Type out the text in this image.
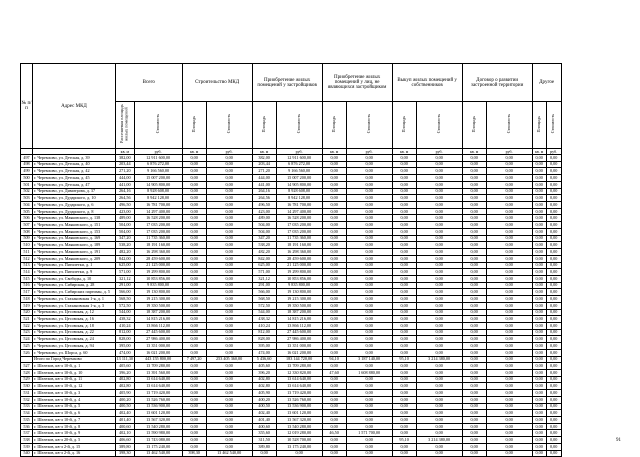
№ п/п	Адрес МКД	Всего		Строительство МКД		Приобретение жилых помещений у застройщиков		Приобретение жилых помещений у лиц, не являющихся застройщиком		Выкуп жилых помещений у собственников		Договор о развитии застроенной территории		Другое	
		Расселяемая площадь жилых помещений	Стоимость	Площадь	Стоимость	Площадь	Стоимость	Площадь	Стоимость	Площадь	Стоимость	Площадь	Стоимость	Площадь	Стоимость
		кв. м	руб.	кв. м	руб.	кв. м	руб.	кв. м	руб.	кв. м	руб.	кв. м	руб.	кв. м	руб.
497	г. Черемхово, ул. Детская, д. 39	382,00	12 911 600,00	0,00	0,00	382,00	12 911 600,00	0,00	0,00	0,00	0,00	0,00	0,00	0,00	0,00
498	г. Черемхово, ул. Детская, д. 40	203,44	6 876 272,00	0,00	0,00	203,44	6 876 272,00	0,00	0,00	0,00	0,00	0,00	0,00	0,00	0,00
499	г. Черемхово, ул. Детская, д. 42	271,20	9 166 560,00	0,00	0,00	271,20	9 166 560,00	0,00	0,00	0,00	0,00	0,00	0,00	0,00	0,00
500	г. Черемхово, ул. Детская, д. 45	444,00	15 007 200,00	0,00	0,00	444,00	15 007 200,00	0,00	0,00	0,00	0,00	0,00	0,00	0,00	0,00
501	г. Черемхово, ул. Детская, д. 47	441,00	14 905 800,00	0,00	0,00	441,00	14 905 800,00	0,00	0,00	0,00	0,00	0,00	0,00	0,00	0,00
502	г. Черемхово, ул. Димитрова, д. 37	264,16	8 928 608,00	0,00	0,00	264,16	8 928 608,00	0,00	0,00	0,00	0,00	0,00	0,00	0,00	0,00
503	г. Черемхово, ул. Дударского, д. 10	264,56	8 942 128,00	0,00	0,00	264,56	8 942 128,00	0,00	0,00	0,00	0,00	0,00	0,00	0,00	0,00
504	г. Черемхово, ул. Дударского, д. 6	496,50	16 781 700,00	0,00	0,00	496,50	16 781 700,00	0,00	0,00	0,00	0,00	0,00	0,00	0,00	0,00
505	г. Черемхово, ул. Дударского, д. 8	423,00	14 297 400,00	0,00	0,00	423,00	14 297 400,00	0,00	0,00	0,00	0,00	0,00	0,00	0,00	0,00
506	г. Черемхово, ул. Маяковского, д. 138	489,00	16 528 200,00	0,00	0,00	489,00	16 528 200,00	0,00	0,00	0,00	0,00	0,00	0,00	0,00	0,00
507	г. Черемхово, ул. Маяковского, д. 151	504,00	17 035 200,00	0,00	0,00	504,00	17 035 200,00	0,00	0,00	0,00	0,00	0,00	0,00	0,00	0,00
508	г. Черемхово, ул. Маяковского, д. 153	504,00	17 035 200,00	0,00	0,00	504,00	17 035 200,00	0,00	0,00	0,00	0,00	0,00	0,00	0,00	0,00
509	г. Черемхово, ул. Маяковского, д. 169	347,20	11 735 360,00	0,00	0,00	347,20	11 735 360,00	0,00	0,00	0,00	0,00	0,00	0,00	0,00	0,00
510	г. Черемхово, ул. Маяковского, д. 189	538,20	18 191 160,00	0,00	0,00	538,20	18 191 160,00	0,00	0,00	0,00	0,00	0,00	0,00	0,00	0,00
511	г. Черемхово, ул. Маяковского, д. 191	482,20	16 298 360,00	0,00	0,00	482,20	16 298 360,00	0,00	0,00	0,00	0,00	0,00	0,00	0,00	0,00
512	г. Черемхово, ул. Маяковского, д. 209	842,00	28 459 600,00	0,00	0,00	842,00	28 459 600,00	0,00	0,00	0,00	0,00	0,00	0,00	0,00	0,00
513	г. Черемхово, ул. Пятилетки, д. 1	625,00	21 125 000,00	0,00	0,00	625,00	21 125 000,00	0,00	0,00	0,00	0,00	0,00	0,00	0,00	0,00
514	г. Черемхово, ул. Пятилетки, д. 9	571,00	19 299 800,00	0,00	0,00	571,00	19 299 800,00	0,00	0,00	0,00	0,00	0,00	0,00	0,00	0,00
515	г. Черемхово, ул. Свободы, д. 10	321,12	10 853 856,00	0,00	0,00	321,12	10 853 856,00	0,00	0,00	0,00	0,00	0,00	0,00	0,00	0,00
516	г. Черемхово, ул. Сибирская, д. 28	291,00	9 835 800,00	0,00	0,00	291,00	9 835 800,00	0,00	0,00	0,00	0,00	0,00	0,00	0,00	0,00
517	г. Черемхово, ул. Сибирских партизан, д. 5	566,00	19 130 800,00	0,00	0,00	566,00	19 130 800,00	0,00	0,00	0,00	0,00	0,00	0,00	0,00	0,00
518	г. Черемхово, ул. Стахановская 1-я, д. 1	568,50	19 215 300,00	0,00	0,00	568,50	19 215 300,00	0,00	0,00	0,00	0,00	0,00	0,00	0,00	0,00
519	г. Черемхово, ул. Стахановская 1-я, д. 3	572,50	19 350 500,00	0,00	0,00	572,50	19 350 500,00	0,00	0,00	0,00	0,00	0,00	0,00	0,00	0,00
520	г. Черемхово, ул. Цесовская, д. 12	544,00	18 387 200,00	0,00	0,00	544,00	18 387 200,00	0,00	0,00	0,00	0,00	0,00	0,00	0,00	0,00
521	г. Черемхово, ул. Цесовская, д. 16	438,32	14 815 216,00	0,00	0,00	438,32	14 815 216,00	0,00	0,00	0,00	0,00	0,00	0,00	0,00	0,00
522	г. Черемхово, ул. Цесовская, д. 18	410,24	13 866 112,00	0,00	0,00	410,24	13 866 112,00	0,00	0,00	0,00	0,00	0,00	0,00	0,00	0,00
523	г. Черемхово, ул. Цесовская, д. 22	812,00	27 445 600,00	0,00	0,00	812,00	27 445 600,00	0,00	0,00	0,00	0,00	0,00	0,00	0,00	0,00
524	г. Черемхово, ул. Цесовская, д. 24	828,00	27 986 400,00	0,00	0,00	828,00	27 986 400,00	0,00	0,00	0,00	0,00	0,00	0,00	0,00	0,00
525	г. Черемхово, ул. Цесовская, д. 94	395,00	13 351 000,00	0,00	0,00	395,00	13 351 000,00	0,00	0,00	0,00	0,00	0,00	0,00	0,00	0,00
526	г. Черемхово, ул. Шорса, д. 60	474,00	16 021 200,00	0,00	0,00	474,00	16 021 200,00	0,00	0,00	0,00	0,00	0,00	0,00	0,00	0,00
	Итого по Город Черемхово	13 111,30	443 155 800,00	7 497,20	253 405 360,00	5 436,60	183 144 720,00	94,10	3 187 140,00	95,10	3 214 380,00	0,00	0,00	0,00	0,00
527	г. Шелехов, кв-л 10-й, д. 1	405,60	13 709 280,00	0,00	0,00	405,60	13 709 280,00	0,00	0,00	0,00	0,00	0,00	0,00	0,00	0,00
528	г. Шелехов, кв-л 10-й, д. 10	396,20	13 391 560,00	0,00	0,00	396,20	12 330 820,00	47,60	1 608 880,00	0,00	0,00	0,00	0,00	0,00	0,00
529	г. Шелехов, кв-л 10-й, д. 11	402,80	13 614 640,00	0,00	0,00	402,80	13 614 640,00	0,00	0,00	0,00	0,00	0,00	0,00	0,00	0,00
530	г. Шелехов, кв-л 10-й, д. 12	402,80	13 614 640,00	0,00	0,00	402,80	13 614 640,00	0,00	0,00	0,00	0,00	0,00	0,00	0,00	0,00
531	г. Шелехов, кв-л 10-й, д. 3	405,90	13 719 420,00	0,00	0,00	405,90	13 719 420,00	0,00	0,00	0,00	0,00	0,00	0,00	0,00	0,00
532	г. Шелехов, кв-л 10-й, д. 4	400,20	13 526 760,00	0,00	0,00	400,20	13 526 760,00	0,00	0,00	0,00	0,00	0,00	0,00	0,00	0,00
533	г. Шелехов, кв-л 10-й, д. 5	400,50	13 536 900,00	0,00	0,00	400,50	13 536 900,00	0,00	0,00	0,00	0,00	0,00	0,00	0,00	0,00
534	г. Шелехов, кв-л 10-й, д. 6	402,40	13 601 120,00	0,00	0,00	402,40	13 601 120,00	0,00	0,00	0,00	0,00	0,00	0,00	0,00	0,00
535	г. Шелехов, кв-л 10-й, д. 7	401,40	13 567 320,00	0,00	0,00	401,40	13 567 320,00	0,00	0,00	0,00	0,00	0,00	0,00	0,00	0,00
536	г. Шелехов, кв-л 10-й, д. 8	400,60	13 540 280,00	0,00	0,00	400,60	13 540 280,00	0,00	0,00	0,00	0,00	0,00	0,00	0,00	0,00
537	г. Шелехов, кв-л 10-й, д. 9	402,10	13 590 980,00	0,00	0,00	355,60	12 019 280,00	46,50	1 571 700,00	0,00	0,00	0,00	0,00	0,00	0,00
538	г. Шелехов, кв-л 20-й, д. 5	406,60	13 743 080,00	0,00	0,00	311,50	10 528 700,00	0,00	0,00	95,10	3 214 380,00	0,00	0,00	0,00	0,00
539	г. Шелехов, кв-л 2-й, д. 15	389,80	13 175 240,00	0,00	0,00	389,80	13 175 240,00	0,00	0,00	0,00	0,00	0,00	0,00	0,00	0,00
540	г. Шелехов, кв-л 2-й, д. 16	398,30	13 462 540,00	398,30	13 462 540,00	0,00	0,00	0,00	0,00	0,00	0,00	0,00	0,00	0,00	0,00
91
